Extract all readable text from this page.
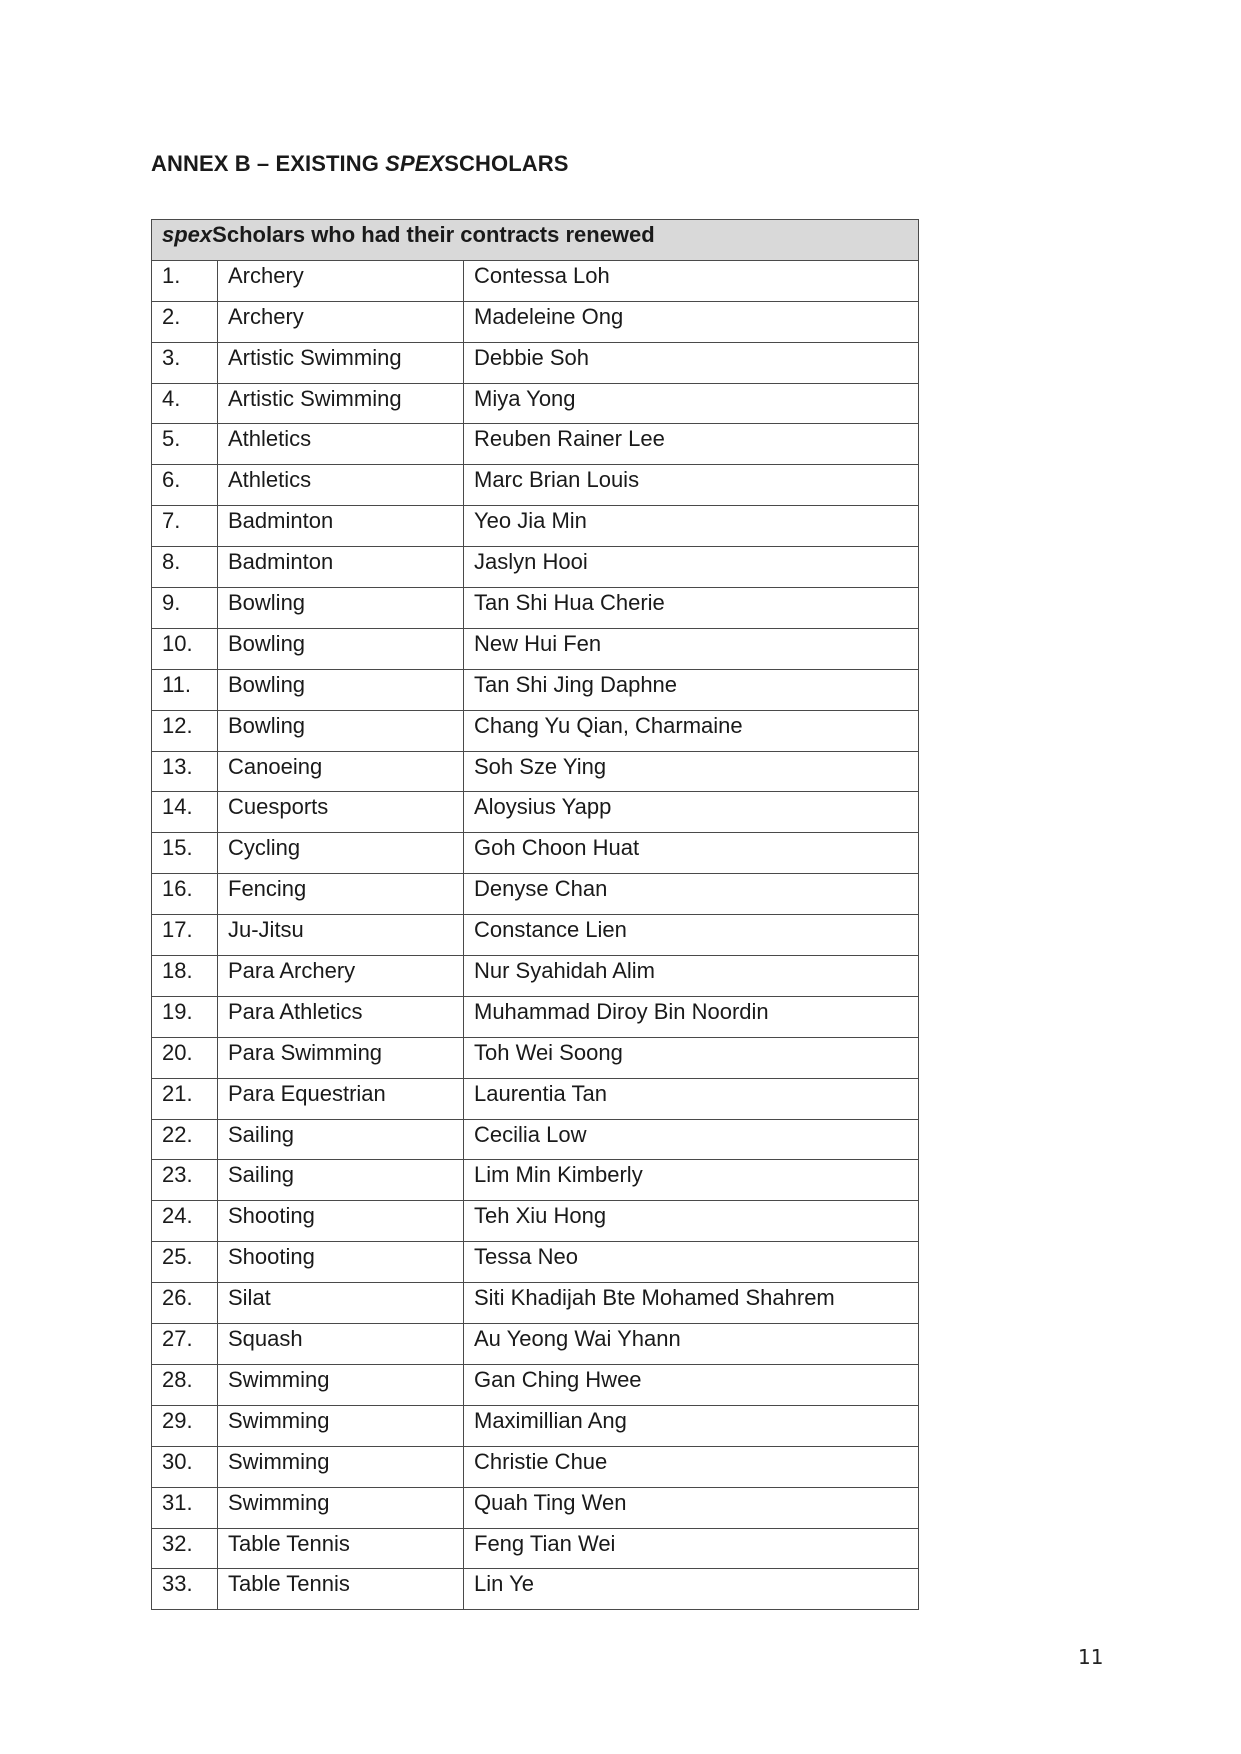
ANNEX B – EXISTING SPEXSCHOLARS
spexScholars who had their contracts renewed		
1.	Archery	Contessa Loh
2.	Archery	Madeleine Ong
3.	Artistic Swimming	Debbie Soh
4.	Artistic Swimming	Miya Yong
5.	Athletics	Reuben Rainer Lee
6.	Athletics	Marc Brian Louis
7.	Badminton	Yeo Jia Min
8.	Badminton	Jaslyn Hooi
9.	Bowling	Tan Shi Hua Cherie
10.	Bowling	New Hui Fen
11.	Bowling	Tan Shi Jing Daphne
12.	Bowling	Chang Yu Qian, Charmaine
13.	Canoeing	Soh Sze Ying
14.	Cuesports	Aloysius Yapp
15.	Cycling	Goh Choon Huat
16.	Fencing	Denyse Chan
17.	Ju-Jitsu	Constance Lien
18.	Para Archery	Nur Syahidah Alim
19.	Para Athletics	Muhammad Diroy Bin Noordin
20.	Para Swimming	Toh Wei Soong
21.	Para Equestrian	Laurentia Tan
22.	Sailing	Cecilia Low
23.	Sailing	Lim Min Kimberly
24.	Shooting	Teh Xiu Hong
25.	Shooting	Tessa Neo
26.	Silat	Siti Khadijah Bte Mohamed Shahrem
27.	Squash	Au Yeong Wai Yhann
28.	Swimming	Gan Ching Hwee
29.	Swimming	Maximillian Ang
30.	Swimming	Christie Chue
31.	Swimming	Quah Ting Wen
32.	Table Tennis	Feng Tian Wei
33.	Table Tennis	Lin Ye
11
